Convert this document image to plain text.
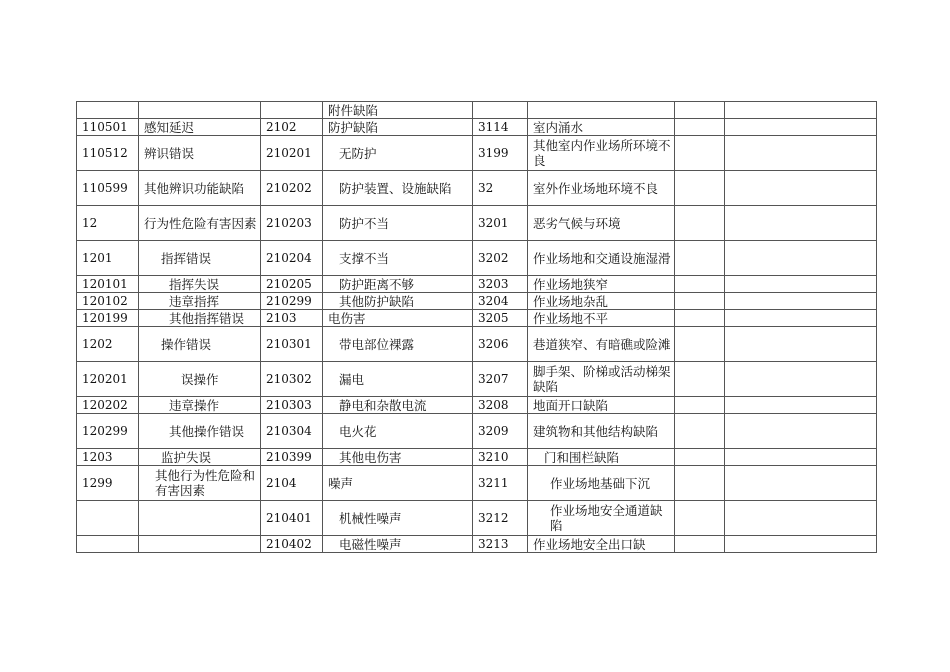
			附件缺陷				
110501	感知延迟	2102	防护缺陷	3114	室内涌水		
110512	辨识错误	210201	无防护	3199	其他室内作业场所环境不良		
110599	其他辨识功能缺陷	210202	防护装置、设施缺陷	32	室外作业场地环境不良		
12	行为性危险有害因素	210203	防护不当	3201	恶劣气候与环境		
1201	指挥错误	210204	支撑不当	3202	作业场地和交通设施湿滑		
120101	指挥失误	210205	防护距离不够	3203	作业场地狭窄		
120102	违章指挥	210299	其他防护缺陷	3204	作业场地杂乱		
120199	其他指挥错误	2103	电伤害	3205	作业场地不平		
1202	操作错误	210301	带电部位裸露	3206	巷道狭窄、有暗礁或险滩		
120201	误操作	210302	漏电	3207	脚手架、阶梯或活动梯架缺陷		
120202	违章操作	210303	静电和杂散电流	3208	地面开口缺陷		
120299	其他操作错误	210304	电火花	3209	建筑物和其他结构缺陷		
1203	监护失误	210399	其他电伤害	3210	门和围栏缺陷		
1299	其他行为性危险和有害因素	2104	噪声	3211	作业场地基础下沉		
		210401	机械性噪声	3212	作业场地安全通道缺陷		
		210402	电磁性噪声	3213	作业场地安全出口缺		
